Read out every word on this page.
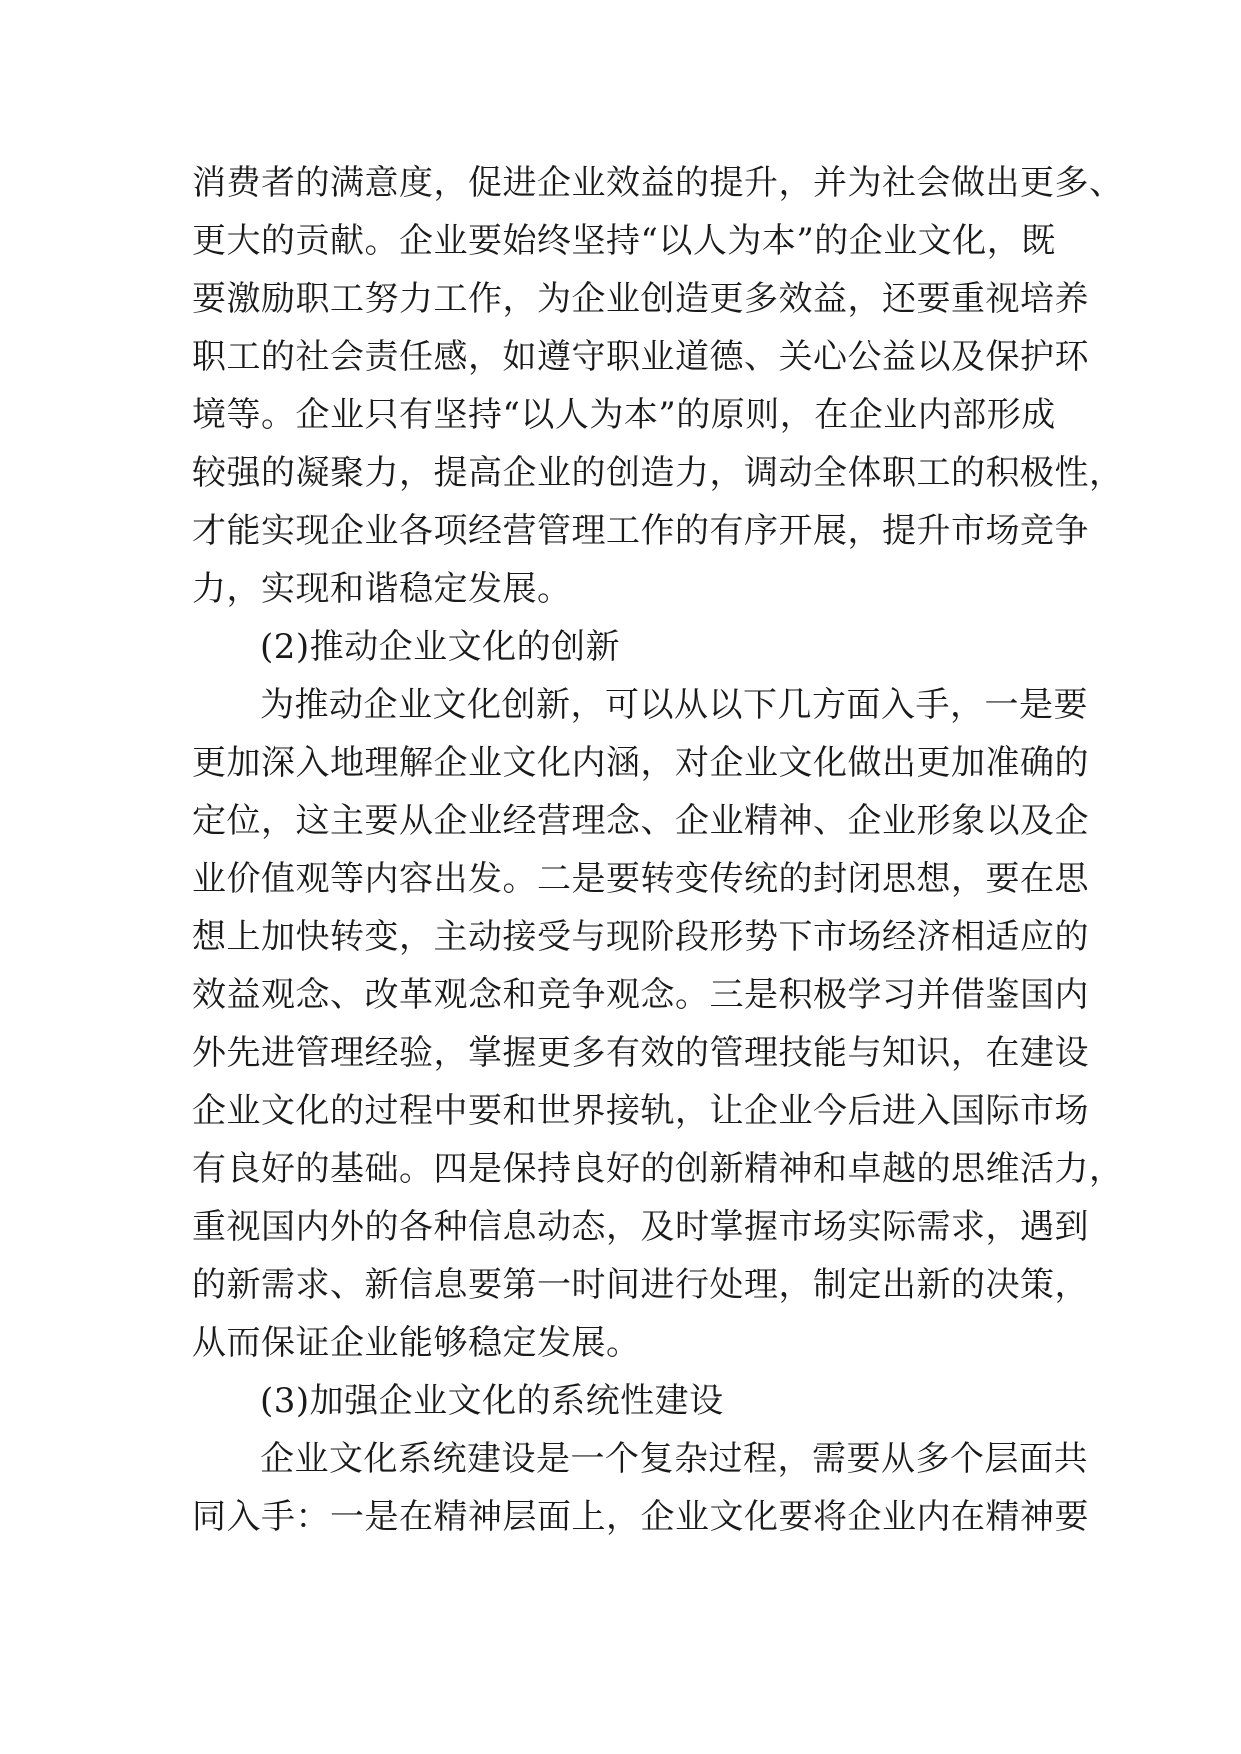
消费者的满意度，促进企业效益的提升，并为社会做出更多、
更大的贡献。企业要始终坚持“以人为本”的企业文化，既
要激励职工努力工作，为企业创造更多效益，还要重视培养
职工的社会责任感，如遵守职业道德、关心公益以及保护环
境等。企业只有坚持“以人为本”的原则，在企业内部形成
较强的凝聚力，提高企业的创造力，调动全体职工的积极性，
才能实现企业各项经营管理工作的有序开展，提升市场竞争
力，实现和谐稳定发展。
(2)推动企业文化的创新
为推动企业文化创新，可以从以下几方面入手，一是要
更加深入地理解企业文化内涵，对企业文化做出更加准确的
定位，这主要从企业经营理念、企业精神、企业形象以及企
业价值观等内容出发。二是要转变传统的封闭思想，要在思
想上加快转变，主动接受与现阶段形势下市场经济相适应的
效益观念、改革观念和竞争观念。三是积极学习并借鉴国内
外先进管理经验，掌握更多有效的管理技能与知识，在建设
企业文化的过程中要和世界接轨，让企业今后进入国际市场
有良好的基础。四是保持良好的创新精神和卓越的思维活力，
重视国内外的各种信息动态，及时掌握市场实际需求，遇到
的新需求、新信息要第一时间进行处理，制定出新的决策，
从而保证企业能够稳定发展。
(3)加强企业文化的系统性建设
企业文化系统建设是一个复杂过程，需要从多个层面共
同入手：一是在精神层面上，企业文化要将企业内在精神要
